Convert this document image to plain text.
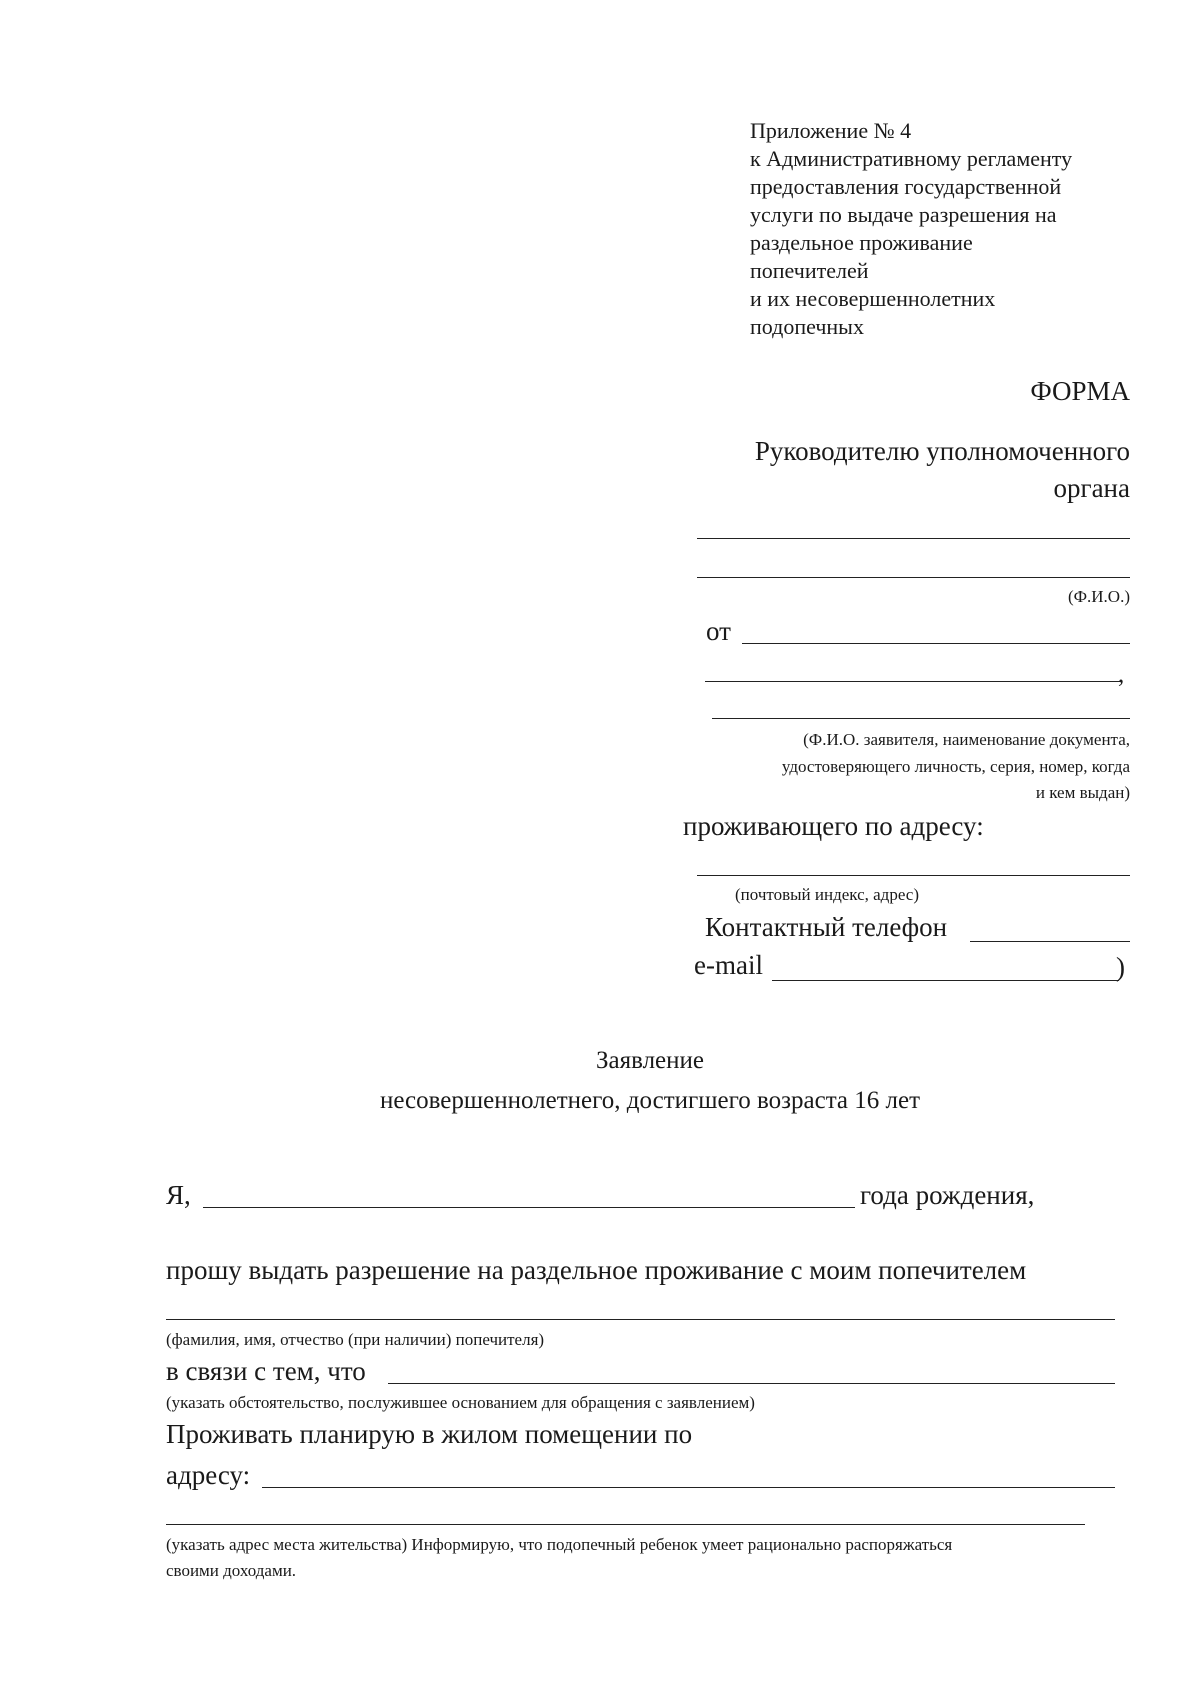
Приложение № 4
к Административному регламенту
предоставления государственной
услуги по выдаче разрешения на
раздельное проживание
попечителей
и их несовершеннолетних
подопечных
ФОРМА
Руководителю уполномоченного
органа
(Ф.И.О.)
от
,
(Ф.И.О. заявителя, наименование документа,
удостоверяющего личность, серия, номер, когда
и кем выдан)
проживающего по адресу:
(почтовый индекс, адрес)
Контактный телефон
e-mail	)
Заявление
несовершеннолетнего, достигшего возраста 16 лет
Я,	года рождения,
прошу выдать разрешение на раздельное проживание с моим попечителем
(фамилия, имя, отчество (при наличии) попечителя)
в связи с тем, что
(указать обстоятельство, послужившее основанием для обращения с заявлением)
Проживать планирую в жилом помещении по
адресу:
(указать адрес места жительства) Информирую, что подопечный ребенок умеет рационально распоряжаться
своими доходами.
